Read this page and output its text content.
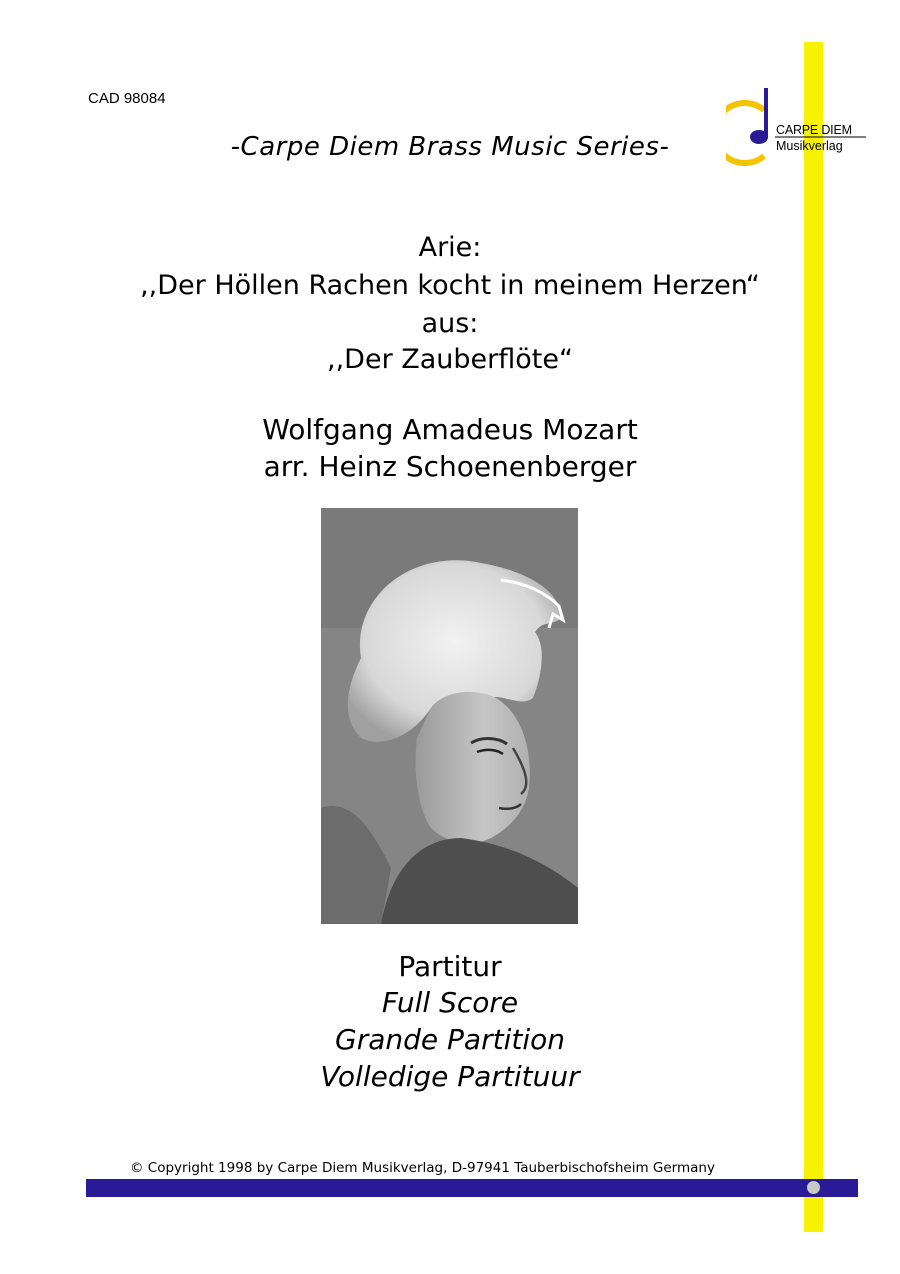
CAD 98084
-Carpe Diem Brass Music Series-
CARPE DIEM
Musikverlag
Arie:
,,Der Höllen Rachen kocht in meinem Herzen“
aus:
,,Der Zauberflöte“
Wolfgang Amadeus Mozart
arr. Heinz Schoenenberger
Partitur
Full Score
Grande Partition
Volledige Partituur
© Copyright 1998 by Carpe Diem Musikverlag, D-97941 Tauberbischofsheim Germany
